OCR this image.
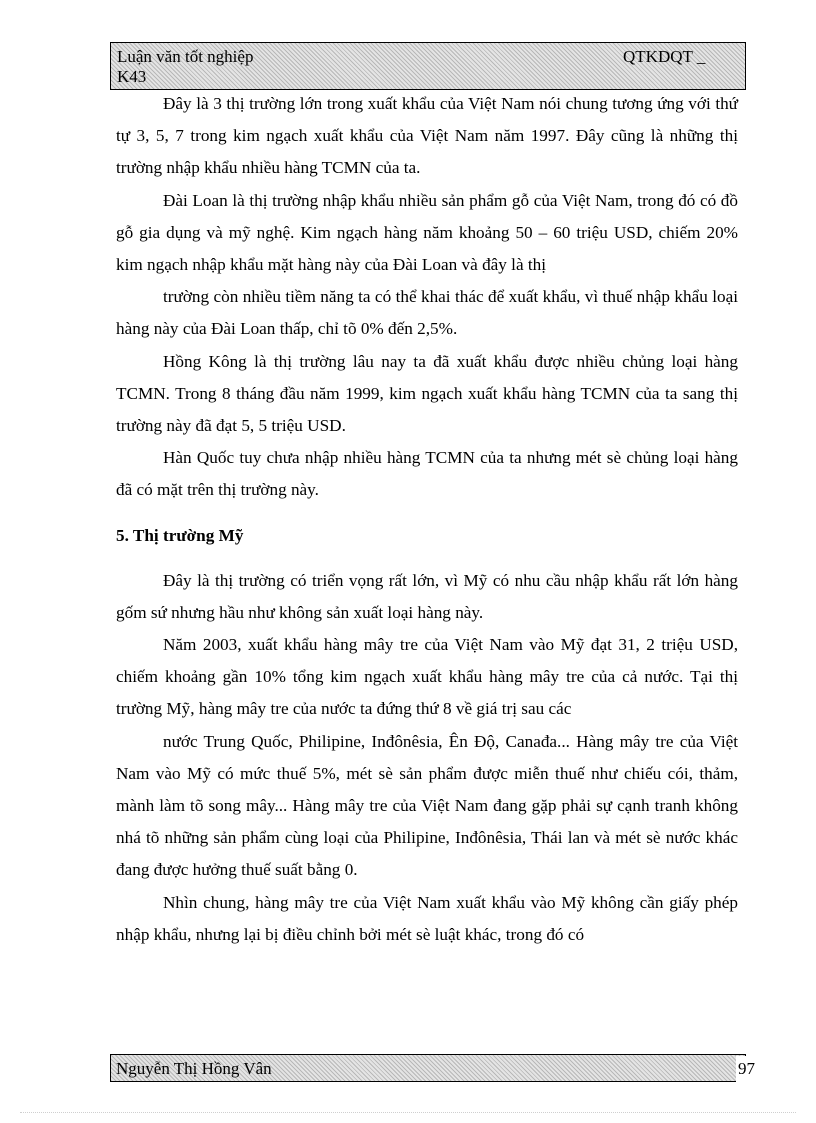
Luận văn tốt nghiệp
K43
QTKDQT _

Đây là 3 thị trường lớn trong xuất khẩu của Việt Nam nói chung tương ứng với thứ tự 3, 5, 7 trong kim ngạch xuất khẩu của Việt Nam năm 1997. Đây cũng là những thị trường nhập khẩu nhiều hàng TCMN của ta.

Đài Loan là thị trường nhập khẩu nhiều sản phẩm gỗ của Việt Nam, trong đó có đồ gỗ gia dụng và mỹ nghệ. Kim ngạch hàng năm khoảng 50 – 60 triệu USD, chiếm 20% kim ngạch nhập khẩu mặt hàng này của Đài Loan và đây là thị

trường còn nhiều tiềm năng ta có thể khai thác để xuất khẩu, vì thuế nhập khẩu loại hàng này của Đài Loan thấp, chỉ tõ 0% đến 2,5%.

Hồng Kông là thị trường lâu nay ta đã xuất khẩu được nhiều chủng loại hàng TCMN. Trong 8 tháng đầu năm 1999, kim ngạch xuất khẩu hàng TCMN của ta sang thị trường này đã đạt 5, 5 triệu USD.

Hàn Quốc tuy chưa nhập nhiều hàng TCMN của ta nhưng mét sè chủng loại hàng đã có mặt trên thị trường này.

5. Thị trường Mỹ

Đây là thị trường có triển vọng rất lớn, vì Mỹ có nhu cầu nhập khẩu rất lớn hàng gốm sứ nhưng hầu như không sản xuất loại hàng này.

Năm 2003, xuất khẩu hàng mây tre của Việt Nam vào Mỹ đạt 31, 2 triệu USD, chiếm khoảng gần 10% tổng kim ngạch xuất khẩu hàng mây tre của cả nước. Tại thị trường Mỹ, hàng mây tre của nước ta đứng thứ 8 về giá trị sau các

nước Trung Quốc, Philipine, Inđônêsia, Ên Độ, Canađa... Hàng mây tre của Việt Nam vào Mỹ có mức thuế 5%, mét sè sản phẩm được miễn thuế như chiếu cói, thảm, mành làm tõ song mây... Hàng mây tre của Việt Nam đang gặp phải sự cạnh tranh không nhá tõ những sản phẩm cùng loại của Philipine, Inđônêsia, Thái lan và mét sè nước khác đang được hưởng thuế suất bằng 0.

Nhìn chung, hàng mây tre của Việt Nam xuất khẩu vào Mỹ không cần giấy phép nhập khẩu, nhưng lại bị điều chỉnh bởi mét sè luật khác, trong đó có

Nguyễn Thị Hồng Vân	97
